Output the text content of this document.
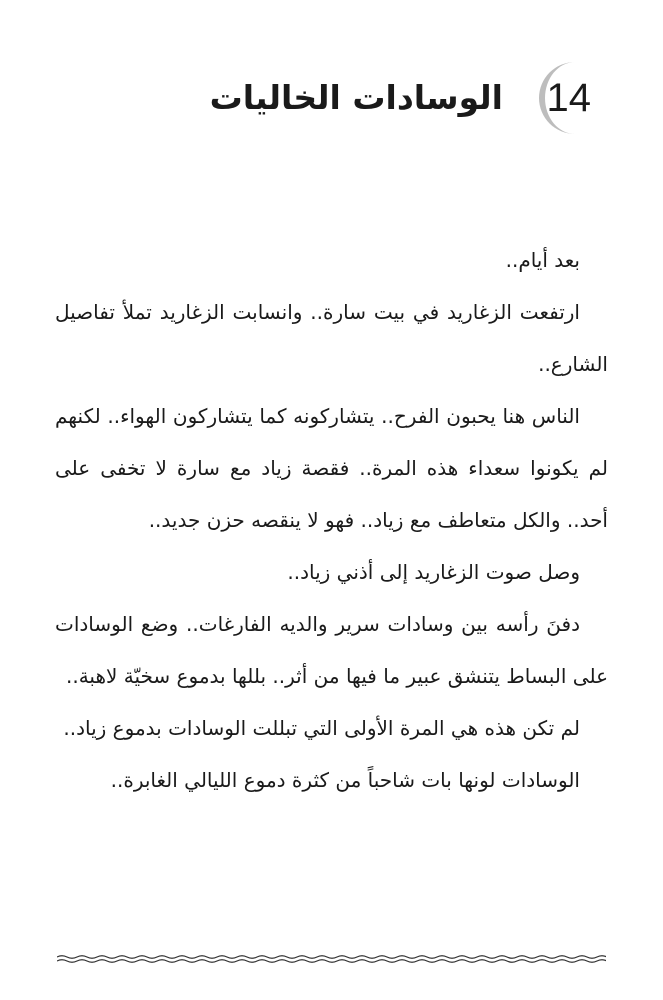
14
الوسادات الخاليات

بعد أيام..

ارتفعت الزغاريد في بيت سارة.. وانسابت الزغاريد تملأ تفاصيل الشارع..

الناس هنا يحبون الفرح.. يتشاركونه كما يتشاركون الهواء.. لكنهم لم يكونوا سعداء هذه المرة.. فقصة زياد مع سارة لا تخفى على أحد.. والكل متعاطف مع زياد.. فهو لا ينقصه حزن جديد..

وصل صوت الزغاريد إلى أذني زياد..

دفنَ رأسه بين وسادات سرير والديه الفارغات.. وضع الوسادات على البساط يتنشق عبير ما فيها من أثر.. بللها بدموع سخيّة لاهبة..

لم تكن هذه هي المرة الأولى التي تبللت الوسادات بدموع زياد..

الوسادات لونها بات شاحباً من كثرة دموع الليالي الغابرة..
